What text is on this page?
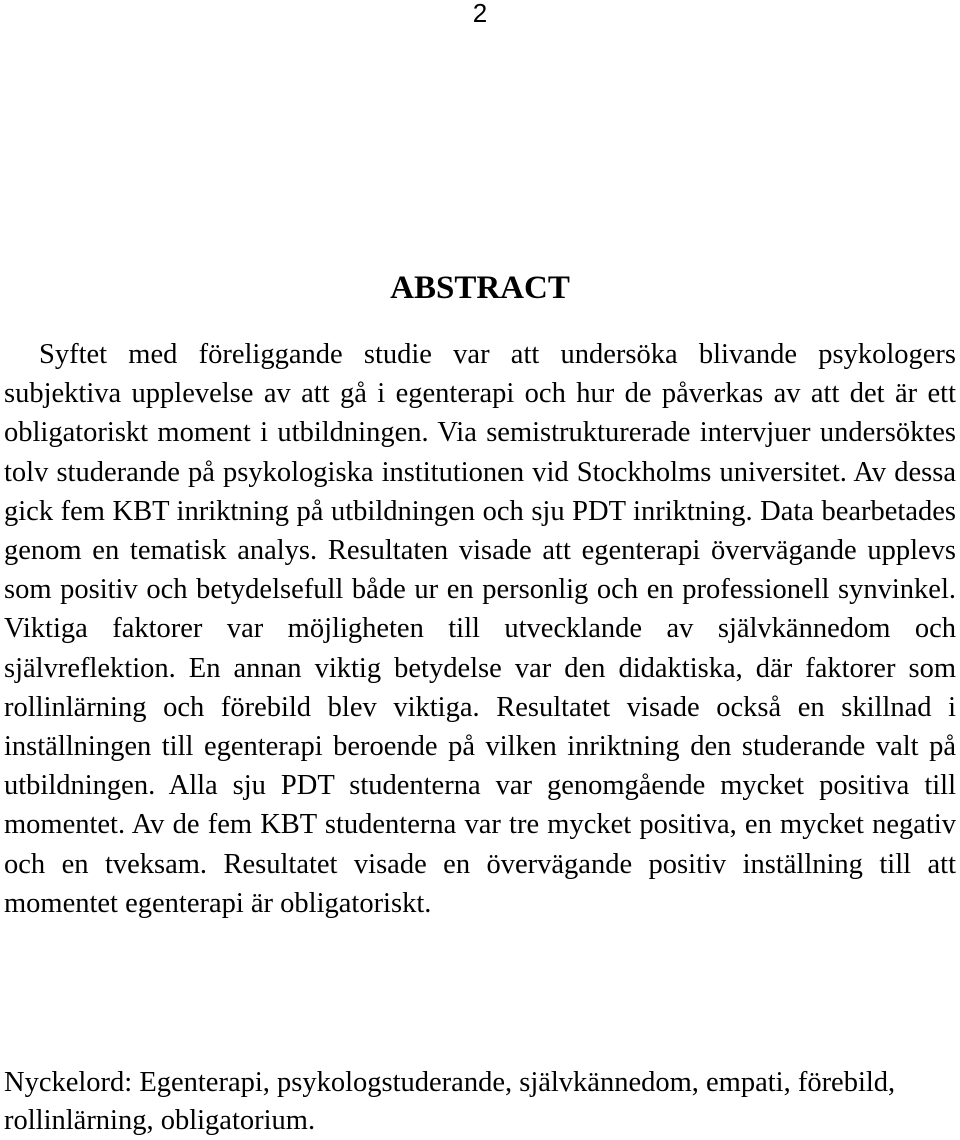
2
ABSTRACT

Syftet med föreliggande studie var att undersöka blivande psykologers subjektiva upplevelse av att gå i egenterapi och hur de påverkas av att det är ett obligatoriskt moment i utbildningen. Via semistrukturerade intervjuer undersöktes tolv studerande på psykologiska institutionen vid Stockholms universitet. Av dessa gick fem KBT inriktning på utbildningen och sju PDT inriktning. Data bearbetades genom en tematisk analys. Resultaten visade att egenterapi övervägande upplevs som positiv och betydelsefull både ur en personlig och en professionell synvinkel. Viktiga faktorer var möjligheten till utvecklande av självkännedom och självreflektion. En annan viktig betydelse var den didaktiska, där faktorer som rollinlärning och förebild blev viktiga. Resultatet visade också en skillnad i inställningen till egenterapi beroende på vilken inriktning den studerande valt på utbildningen. Alla sju PDT studenterna var genomgående mycket positiva till momentet. Av de fem KBT studenterna var tre mycket positiva, en mycket negativ och en tveksam. Resultatet visade en övervägande positiv inställning till att momentet egenterapi är obligatoriskt.

Nyckelord: Egenterapi, psykologstuderande, självkännedom, empati, förebild, rollinlärning, obligatorium.
